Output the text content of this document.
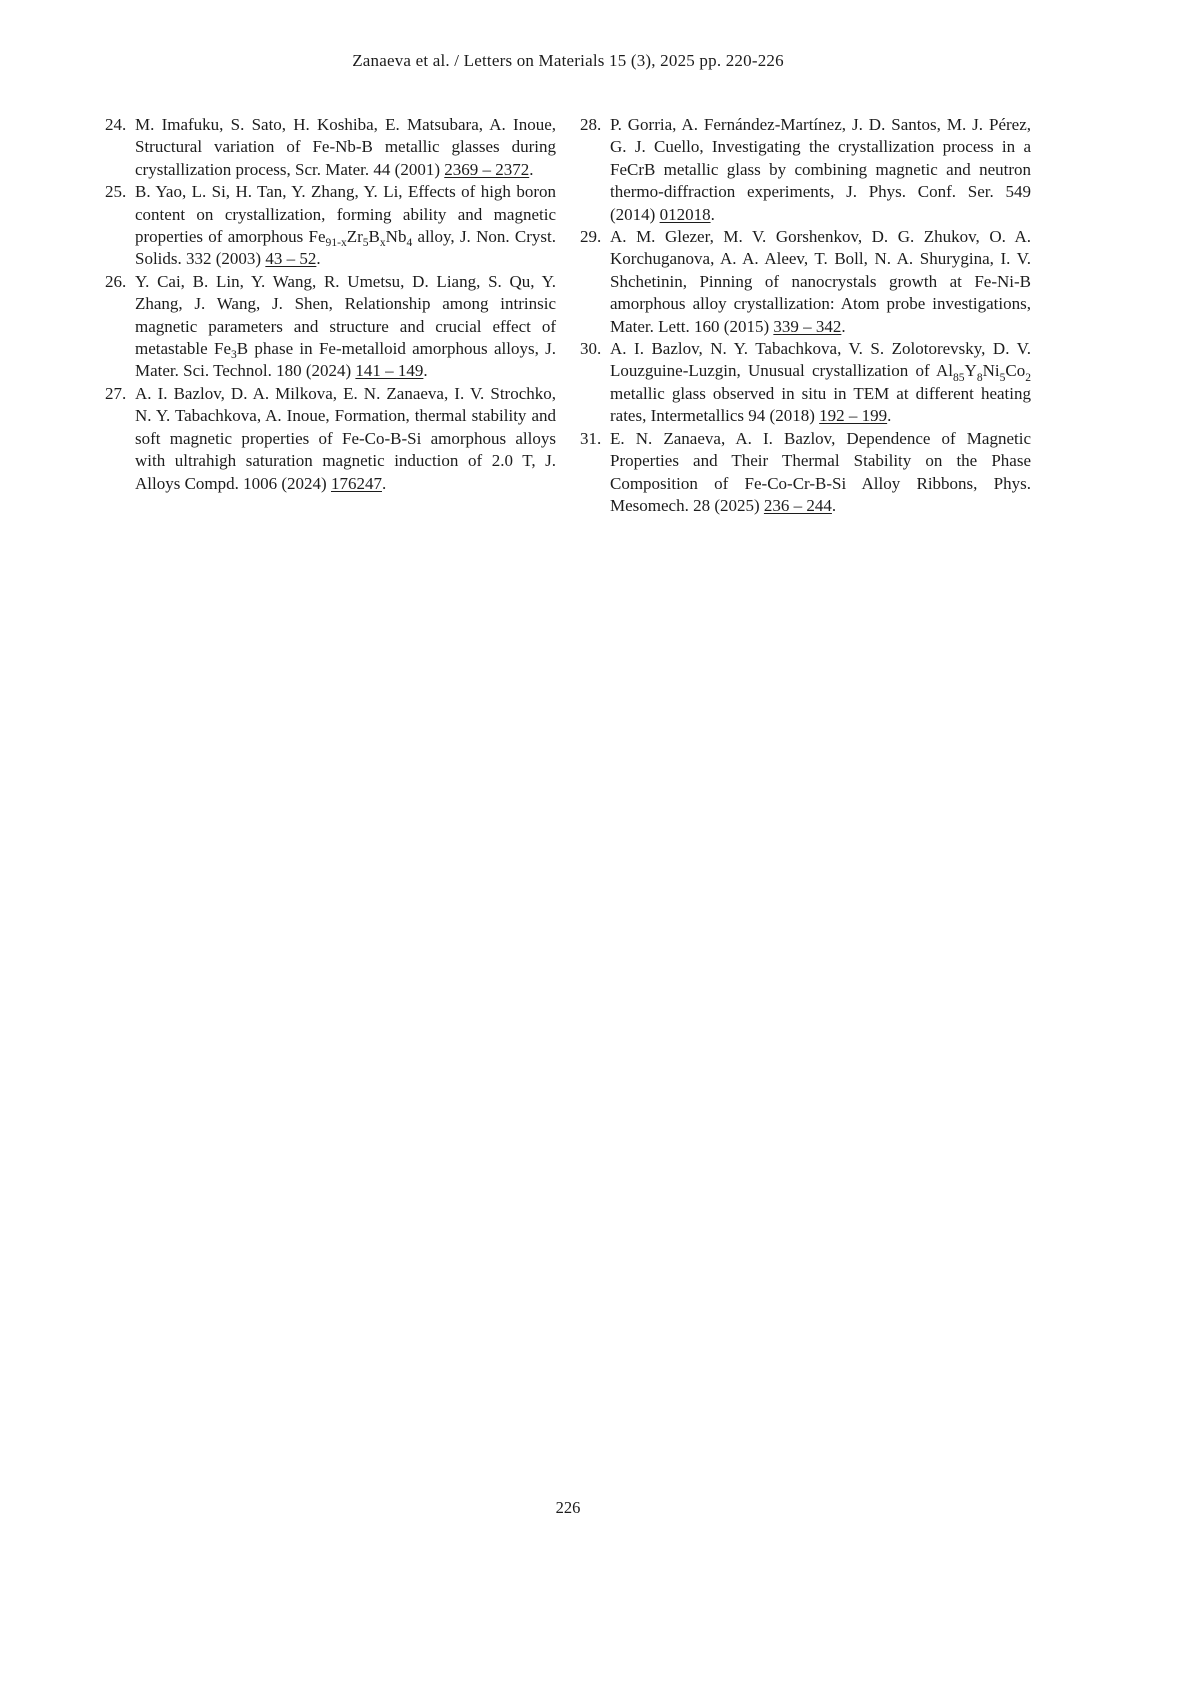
Zanaeva et al. / Letters on Materials 15 (3), 2025 pp. 220-226
24. M. Imafuku, S. Sato, H. Koshiba, E. Matsubara, A. Inoue, Structural variation of Fe-Nb-B metallic glasses during crystallization process, Scr. Mater. 44 (2001) 2369 – 2372.
25. B. Yao, L. Si, H. Tan, Y. Zhang, Y. Li, Effects of high boron content on crystallization, forming ability and magnetic properties of amorphous $Fe_{91-x}Zr_5B_xNb_4$ alloy, J. Non. Cryst. Solids. 332 (2003) 43 – 52.
26. Y. Cai, B. Lin, Y. Wang, R. Umetsu, D. Liang, S. Qu, Y. Zhang, J. Wang, J. Shen, Relationship among intrinsic magnetic parameters and structure and crucial effect of metastable $Fe_3B$ phase in Fe-metalloid amorphous alloys, J. Mater. Sci. Technol. 180 (2024) 141 – 149.
27. A. I. Bazlov, D. A. Milkova, E. N. Zanaeva, I. V. Strochko, N. Y. Tabachkova, A. Inoue, Formation, thermal stability and soft magnetic properties of Fe-Co-B-Si amorphous alloys with ultrahigh saturation magnetic induction of 2.0 T, J. Alloys Compd. 1006 (2024) 176247.
28. P. Gorria, A. Fernández-Martínez, J. D. Santos, M. J. Pérez, G. J. Cuello, Investigating the crystallization process in a FeCrB metallic glass by combining magnetic and neutron thermo-diffraction experiments, J. Phys. Conf. Ser. 549 (2014) 012018.
29. A. M. Glezer, M. V. Gorshenkov, D. G. Zhukov, O. A. Korchuganova, A. A. Aleev, T. Boll, N. A. Shurygina, I. V. Shchetinin, Pinning of nanocrystals growth at Fe-Ni-B amorphous alloy crystallization: Atom probe investigations, Mater. Lett. 160 (2015) 339 – 342.
30. A. I. Bazlov, N. Y. Tabachkova, V. S. Zolotorevsky, D. V. Louzguine-Luzgin, Unusual crystallization of $Al_{85}Y_8Ni_5Co_2$ metallic glass observed in situ in TEM at different heating rates, Intermetallics 94 (2018) 192 – 199.
31. E. N. Zanaeva, A. I. Bazlov, Dependence of Magnetic Properties and Their Thermal Stability on the Phase Composition of Fe-Co-Cr-B-Si Alloy Ribbons, Phys. Mesomech. 28 (2025) 236 – 244.
226
